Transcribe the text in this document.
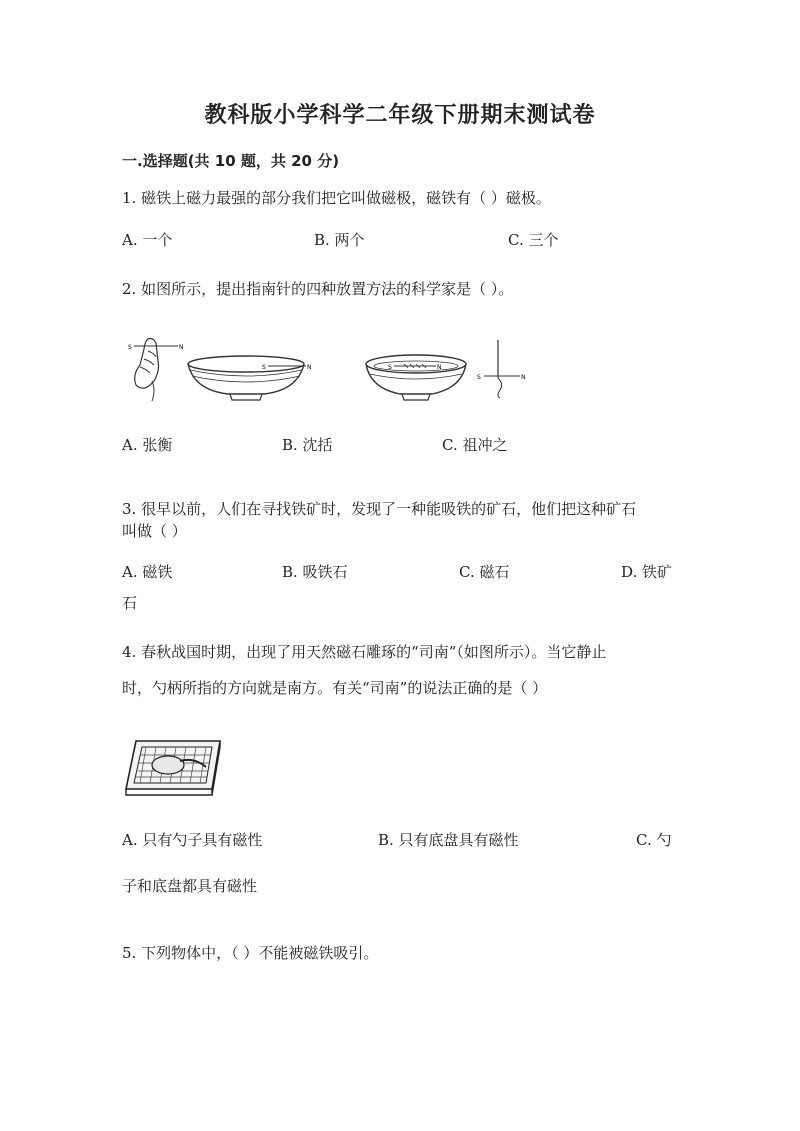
教科版小学科学二年级下册期末测试卷
一.选择题(共 10 题，共 20 分)
1. 磁铁上磁力最强的部分我们把它叫做磁极，磁铁有（ ）磁极。
A. 一个	B. 两个	C. 三个
2. 如图所示，提出指南针的四种放置方法的科学家是（ ）。
S	N
S	N	S	N
S	N
A. 张衡	B. 沈括	C. 祖冲之
3. 很早以前，人们在寻找铁矿时，发现了一种能吸铁的矿石，他们把这种矿石
叫做（ ）
A. 磁铁	B. 吸铁石	C. 磁石	D. 铁矿
石
4. 春秋战国时期，出现了用天然磁石雕琢的“司南”（如图所示）。当它静止
时，勺柄所指的方向就是南方。有关“司南”的说法正确的是（ ）
A. 只有勺子具有磁性	B. 只有底盘具有磁性	C. 勺
子和底盘都具有磁性
5. 下列物体中，（ ）不能被磁铁吸引。
